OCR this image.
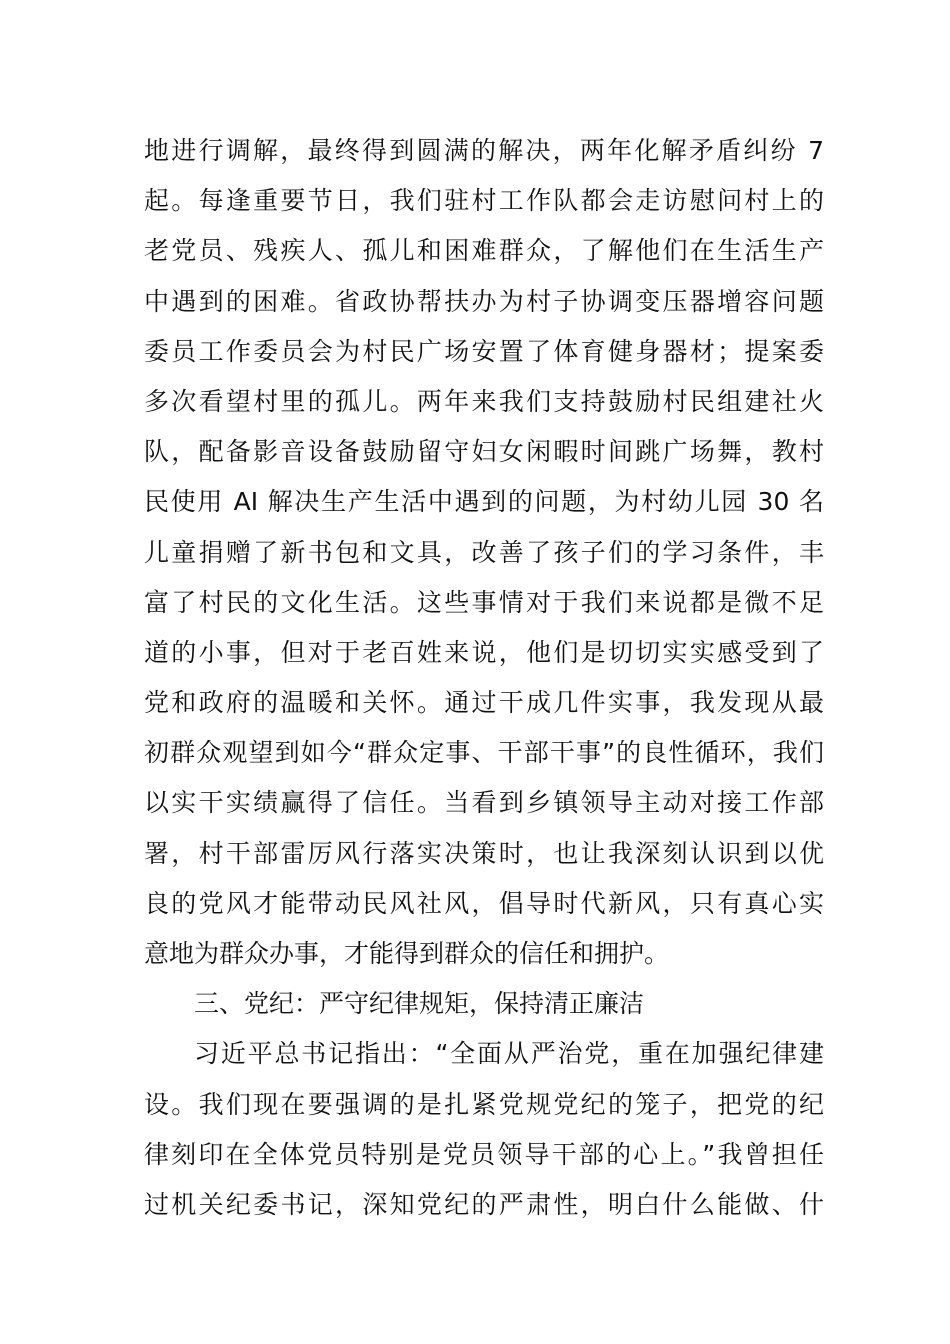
地进行调解，最终得到圆满的解决，两年化解矛盾纠纷 7
起。每逢重要节日，我们驻村工作队都会走访慰问村上的
老党员、残疾人、孤儿和困难群众，了解他们在生活生产
中遇到的困难。省政协帮扶办为村子协调变压器增容问题
委员工作委员会为村民广场安置了体育健身器材；提案委
多次看望村里的孤儿。两年来我们支持鼓励村民组建社火
队，配备影音设备鼓励留守妇女闲暇时间跳广场舞，教村
民使用 AI 解决生产生活中遇到的问题，为村幼儿园 30 名
儿童捐赠了新书包和文具，改善了孩子们的学习条件，丰
富了村民的文化生活。这些事情对于我们来说都是微不足
道的小事，但对于老百姓来说，他们是切切实实感受到了
党和政府的温暖和关怀。通过干成几件实事，我发现从最
初群众观望到如今“群众定事、干部干事”的良性循环，我们
以实干实绩赢得了信任。当看到乡镇领导主动对接工作部
署，村干部雷厉风行落实决策时，也让我深刻认识到以优
良的党风才能带动民风社风，倡导时代新风，只有真心实
意地为群众办事，才能得到群众的信任和拥护。
三、党纪：严守纪律规矩，保持清正廉洁
习近平总书记指出：“全面从严治党，重在加强纪律建
设。我们现在要强调的是扎紧党规党纪的笼子，把党的纪
律刻印在全体党员特别是党员领导干部的心上。”我曾担任
过机关纪委书记，深知党纪的严肃性，明白什么能做、什
